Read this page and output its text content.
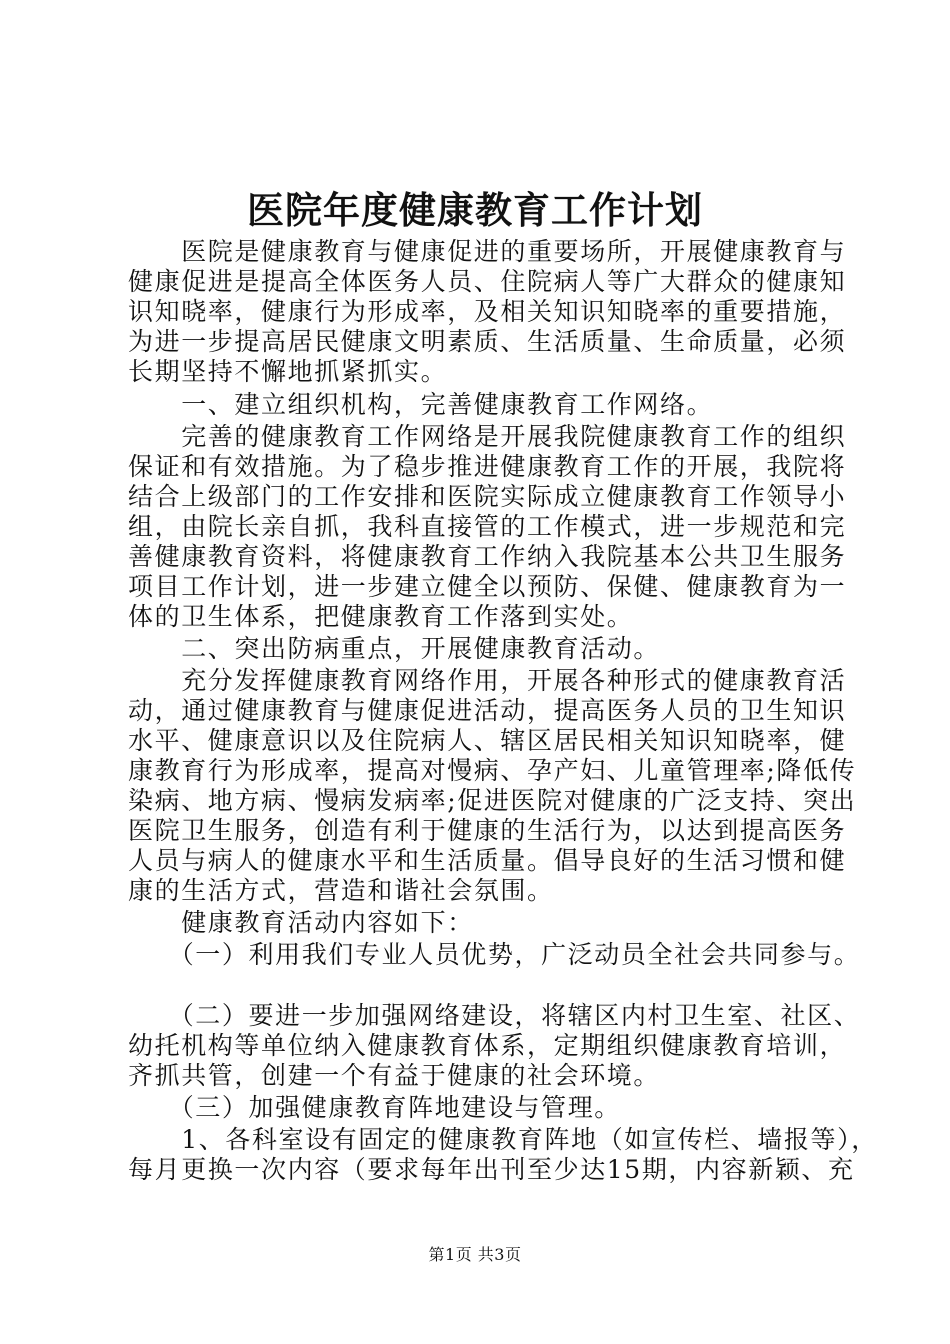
医院年度健康教育工作计划
　　医院是健康教育与健康促进的重要场所，开展健康教育与
健康促进是提高全体医务人员、住院病人等广大群众的健康知
识知晓率，健康行为形成率，及相关知识知晓率的重要措施，
为进一步提高居民健康文明素质、生活质量、生命质量，必须
长期坚持不懈地抓紧抓实。
　　一、建立组织机构，完善健康教育工作网络。
　　完善的健康教育工作网络是开展我院健康教育工作的组织
保证和有效措施。为了稳步推进健康教育工作的开展，我院将
结合上级部门的工作安排和医院实际成立健康教育工作领导小
组，由院长亲自抓，我科直接管的工作模式，进一步规范和完
善健康教育资料，将健康教育工作纳入我院基本公共卫生服务
项目工作计划，进一步建立健全以预防、保健、健康教育为一
体的卫生体系，把健康教育工作落到实处。
　　二、突出防病重点，开展健康教育活动。
　　充分发挥健康教育网络作用，开展各种形式的健康教育活
动，通过健康教育与健康促进活动，提高医务人员的卫生知识
水平、健康意识以及住院病人、辖区居民相关知识知晓率，健
康教育行为形成率，提高对慢病、孕产妇、儿童管理率;降低传
染病、地方病、慢病发病率;促进医院对健康的广泛支持、突出
医院卫生服务，创造有利于健康的生活行为，以达到提高医务
人员与病人的健康水平和生活质量。倡导良好的生活习惯和健
康的生活方式，营造和谐社会氛围。
　　健康教育活动内容如下：
　　（一）利用我们专业人员优势，广泛动员全社会共同参与。
　　（二）要进一步加强网络建设，将辖区内村卫生室、社区、
幼托机构等单位纳入健康教育体系，定期组织健康教育培训，
齐抓共管，创建一个有益于健康的社会环境。
　　（三）加强健康教育阵地建设与管理。
　　1、各科室设有固定的健康教育阵地（如宣传栏、墙报等），
每月更换一次内容（要求每年出刊至少达15期，内容新颖、充
第1页 共3页
